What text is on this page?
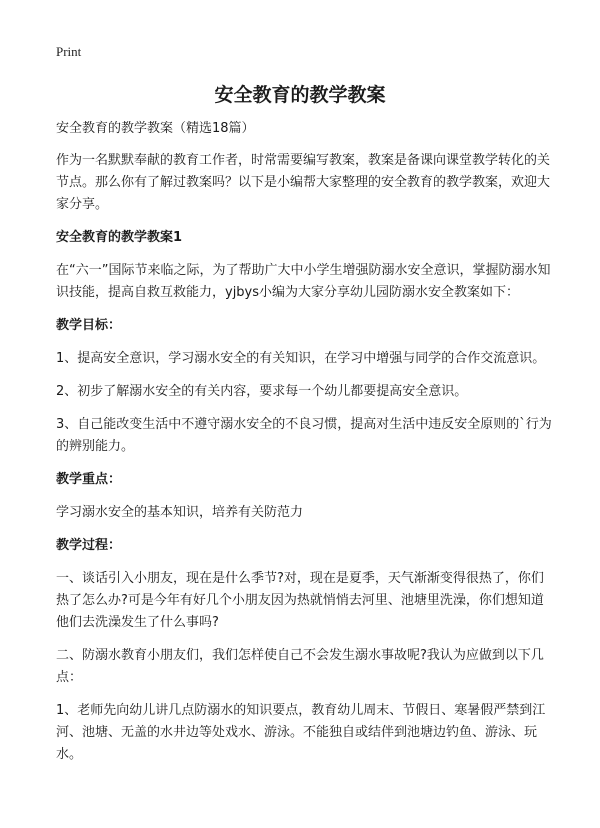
Print
安全教育的教学教案

安全教育的教学教案（精选18篇）

作为一名默默奉献的教育工作者，时常需要编写教案，教案是备课向课堂教学转化的关节点。那么你有了解过教案吗？以下是小编帮大家整理的安全教育的教学教案，欢迎大家分享。

安全教育的教学教案1

在“六一”国际节来临之际，为了帮助广大中小学生增强防溺水安全意识，掌握防溺水知识技能，提高自救互救能力，yjbys小编为大家分享幼儿园防溺水安全教案如下：

教学目标：

1、提高安全意识，学习溺水安全的有关知识，在学习中增强与同学的合作交流意识。

2、初步了解溺水安全的有关内容，要求每一个幼儿都要提高安全意识。

3、自己能改变生活中不遵守溺水安全的不良习惯，提高对生活中违反安全原则的`行为的辨别能力。

教学重点：

学习溺水安全的基本知识，培养有关防范力

教学过程：

一、谈话引入小朋友，现在是什么季节?对，现在是夏季，天气渐渐变得很热了，你们热了怎么办?可是今年有好几个小朋友因为热就悄悄去河里、池塘里洗澡，你们想知道他们去洗澡发生了什么事吗?

二、防溺水教育小朋友们，我们怎样使自己不会发生溺水事故呢?我认为应做到以下几点：

1、老师先向幼儿讲几点防溺水的知识要点，教育幼儿周末、节假日、寒暑假严禁到江河、池塘、无盖的水井边等处戏水、游泳。不能独自或结伴到池塘边钓鱼、游泳、玩水。
